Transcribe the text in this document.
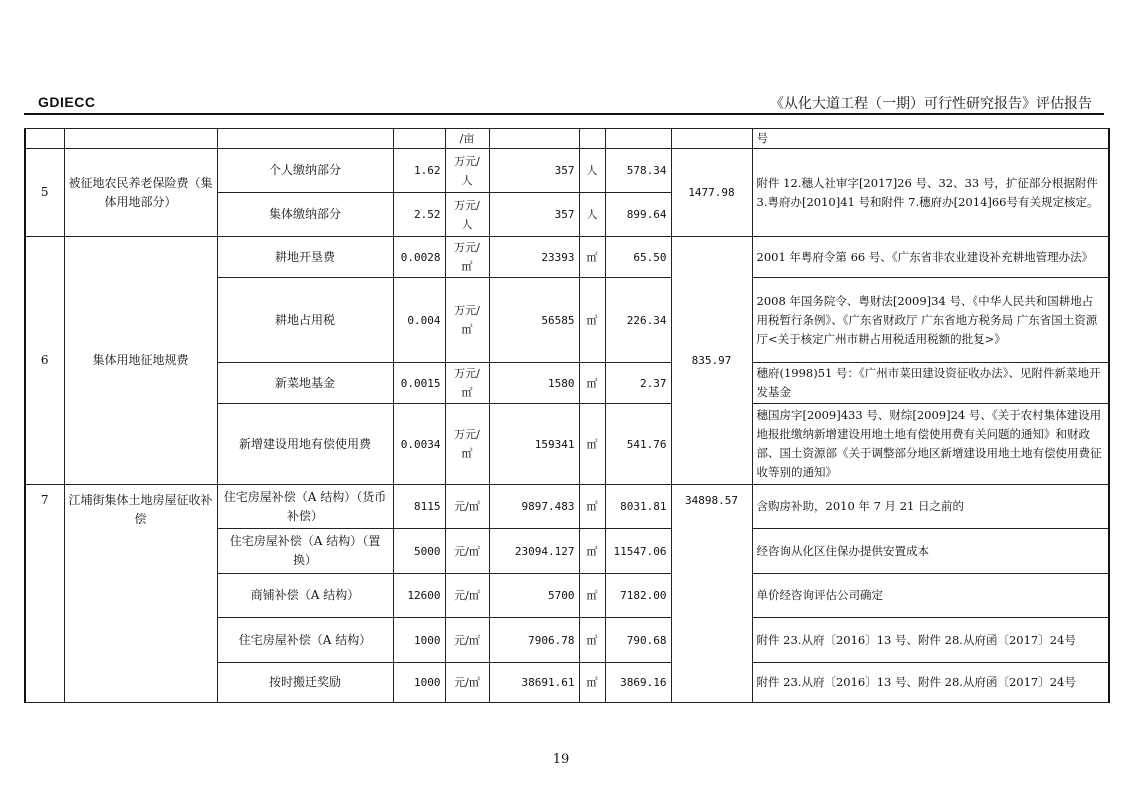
GDIECC	《从化大道工程（一期）可行性研究报告》评估报告
				/亩					号
5	被征地农民养老保险费（集体用地部分）	个人缴纳部分	1.62	万元/人	357	人	578.34	1477.98	附件 12.穗人社审字[2017]26 号、32、33 号，扩征部分根据附件 3.粤府办[2010]41 号和附件 7.穗府办[2014]66号有关规定核定。
		集体缴纳部分	2.52	万元/人	357	人	899.64		
6	集体用地征地规费	耕地开垦费	0.0028	万元/㎡	23393	㎡	65.50	835.97	2001 年粤府令第 66 号、《广东省非农业建设补充耕地管理办法》
		耕地占用税	0.004	万元/㎡	56585	㎡	226.34		2008 年国务院令、粤财法[2009]34 号、《中华人民共和国耕地占用税暂行条例》、《广东省财政厅 广东省地方税务局 广东省国土资源厅<关于核定广州市耕占用税适用税额的批复>》
		新菜地基金	0.0015	万元/㎡	1580	㎡	2.37		穗府(1998)51 号：《广州市菜田建设资征收办法》、见附件新菜地开发基金
		新增建设用地有偿使用费	0.0034	万元/㎡	159341	㎡	541.76		穗国房字[2009]433 号、财综[2009]24 号、《关于农村集体建设用地报批缴纳新增建设用地土地有偿使用费有关问题的通知》和财政部、国土资源部《关于调整部分地区新增建设用地土地有偿使用费征收等别的通知》
7	江埔街集体土地房屋征收补偿	住宅房屋补偿（A 结构）（货币补偿）	8115	元/㎡	9897.483	㎡	8031.81	34898.57	含购房补助，2010 年 7 月 21 日之前的
		住宅房屋补偿（A 结构）（置换）	5000	元/㎡	23094.127	㎡	11547.06		经咨询从化区住保办提供安置成本
		商铺补偿（A 结构）	12600	元/㎡	5700	㎡	7182.00		单价经咨询评估公司确定
		住宅房屋补偿（A 结构）	1000	元/㎡	7906.78	㎡	790.68		附件 23.从府〔2016〕13 号、附件 28.从府函〔2017〕24号
		按时搬迁奖励	1000	元/㎡	38691.61	㎡	3869.16		附件 23.从府〔2016〕13 号、附件 28.从府函〔2017〕24号
19
